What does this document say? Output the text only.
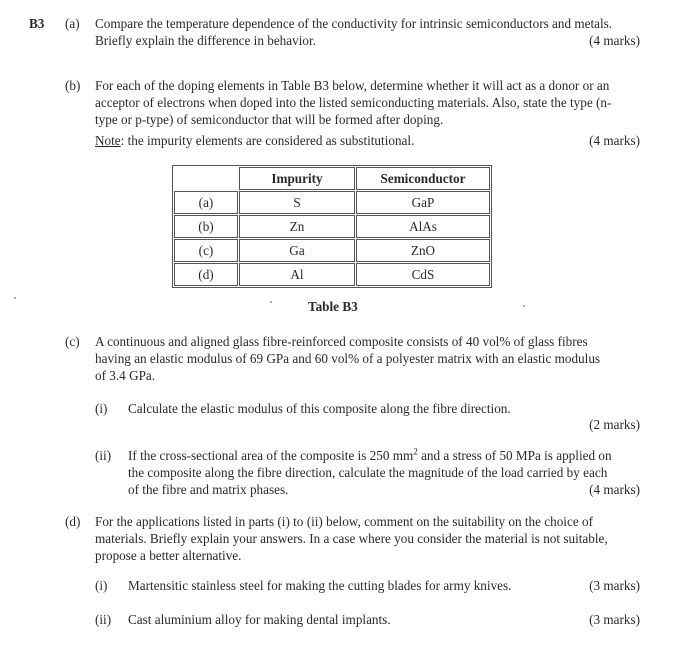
B3 (a) Compare the temperature dependence of the conductivity for intrinsic semiconductors and metals.
Briefly explain the difference in behavior.	(4 marks)
(b) For each of the doping elements in Table B3 below, determine whether it will act as a donor or an
acceptor of electrons when doped into the listed semiconducting materials. Also, state the type (n-
type or p-type) of semiconductor that will be formed after doping.
Note: the impurity elements are considered as substitutional.	(4 marks)
	Impurity	Semiconductor
(a)	S	GaP
(b)	Zn	AlAs
(c)	Ga	ZnO
(d)	Al	CdS
Table B3
(c) A continuous and aligned glass fibre-reinforced composite consists of 40 vol% of glass fibres
having an elastic modulus of 69 GPa and 60 vol% of a polyester matrix with an elastic modulus
of 3.4 GPa.
(i) Calculate the elastic modulus of this composite along the fibre direction.
(2 marks)
(ii) If the cross-sectional area of the composite is 250 $mm^2$ and a stress of 50 MPa is applied on
the composite along the fibre direction, calculate the magnitude of the load carried by each
of the fibre and matrix phases.	(4 marks)
(d) For the applications listed in parts (i) to (ii) below, comment on the suitability on the choice of
materials. Briefly explain your answers. In a case where you consider the material is not suitable,
propose a better alternative.
(i) Martensitic stainless steel for making the cutting blades for army knives.	(3 marks)
(ii) Cast aluminium alloy for making dental implants.	(3 marks)
